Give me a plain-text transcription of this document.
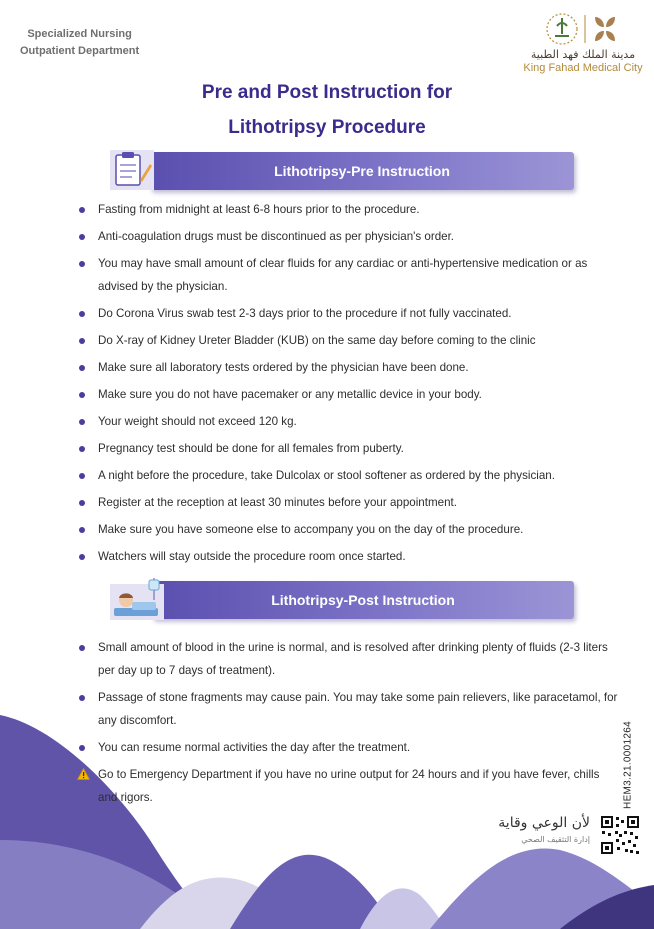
Specialized Nursing
Outpatient Department	مدينة الملك فهد الطبية
King Fahad Medical City
Pre and Post Instruction for
Lithotripsy Procedure
Lithotripsy-Pre Instruction
Fasting from midnight at least 6-8 hours prior to the procedure.
Anti-coagulation drugs must be discontinued as per physician's order.
You may have small amount of clear fluids for any cardiac or anti-hypertensive medication or as advised by the physician.
Do Corona Virus swab test 2-3 days prior to the procedure if not fully vaccinated.
Do X-ray of Kidney Ureter Bladder (KUB) on the same day before coming to the clinic
Make sure all laboratory tests ordered by the physician have been done.
Make sure you do not have pacemaker or any metallic device in your body.
Your weight should not exceed 120 kg.
Pregnancy test should be done for all females from puberty.
A night before the procedure, take Dulcolax or stool softener as ordered by the physician.
Register at the reception at least 30 minutes before your appointment.
Make sure you have someone else to accompany you on the day of the procedure.
Watchers will stay outside the procedure room once started.
Lithotripsy-Post Instruction
Small amount of blood in the urine is normal, and is resolved after drinking plenty of fluids (2-3 liters per day up to 7 days of treatment).
Passage of stone fragments may cause pain. You may take some pain relievers, like paracetamol, for any discomfort.
You can resume normal activities the day after the treatment.
Go to Emergency Department if you have no urine output for 24 hours and if you have fever, chills and rigors.	HEM3.21.0001264
لأن الوعي وقاية
إدارة التثقيف الصحي
